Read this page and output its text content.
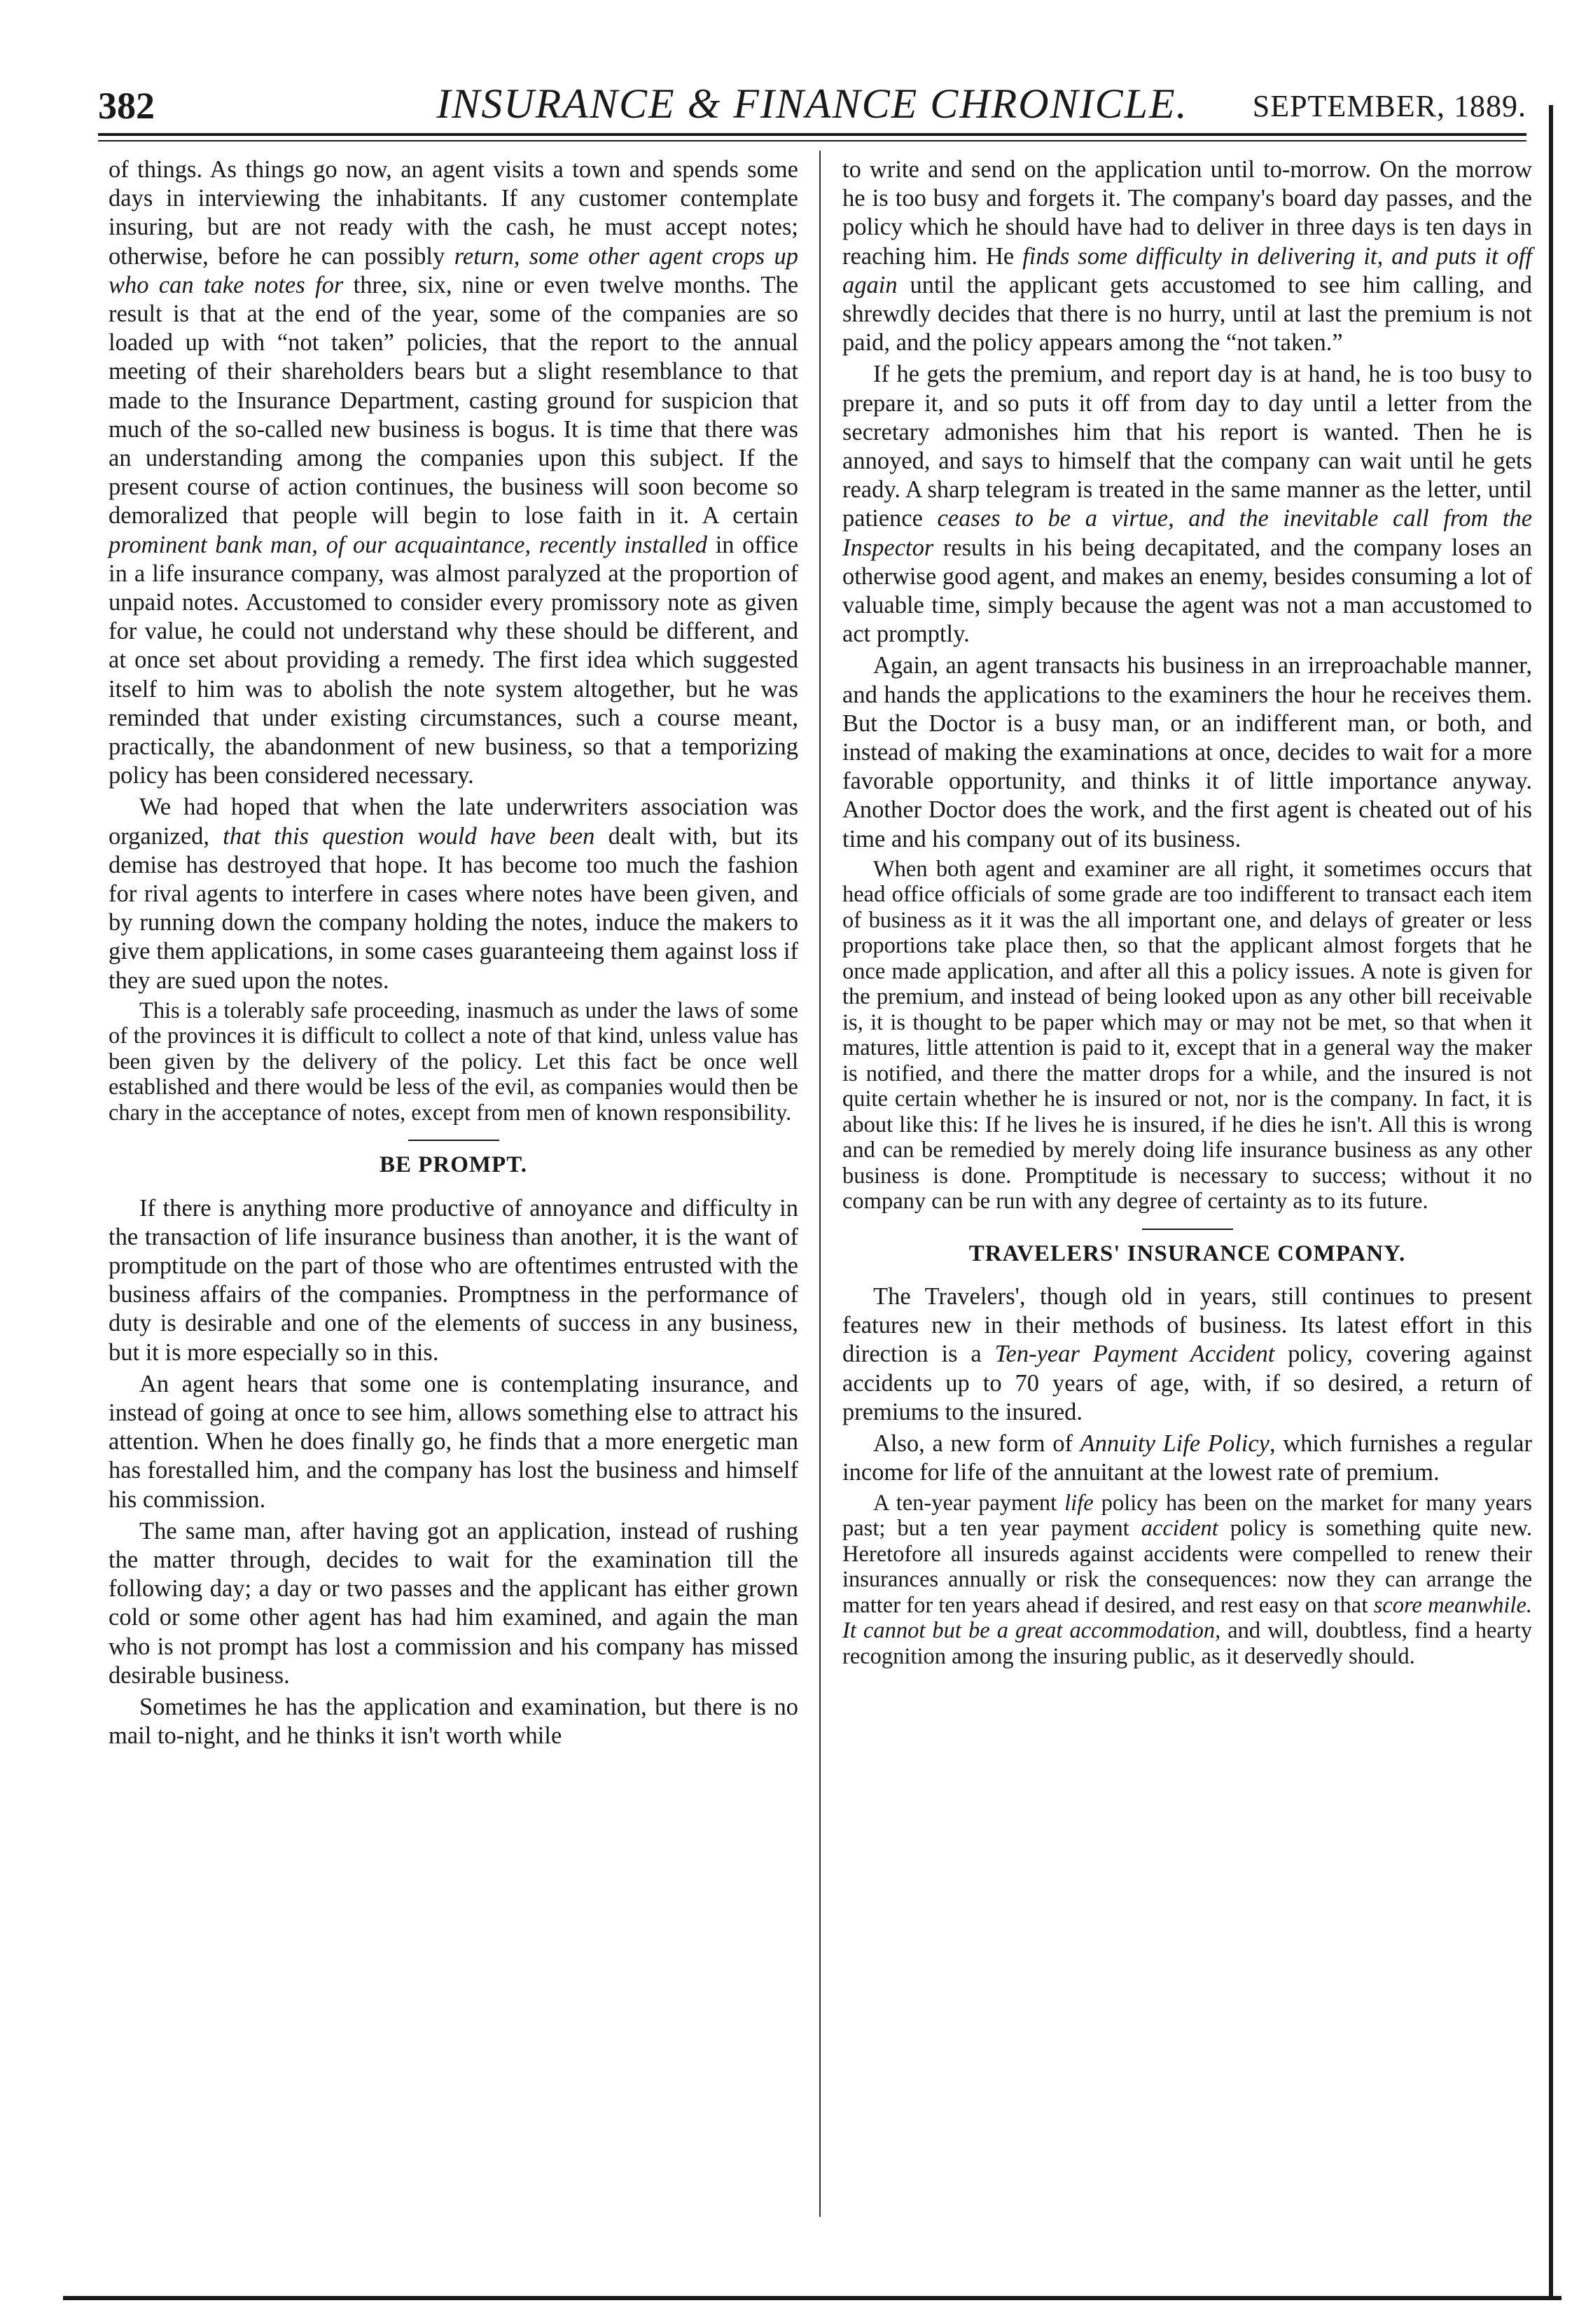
382	INSURANCE & FINANCE CHRONICLE.	SEPTEMBER, 1889.

of things. As things go now, an agent visits a town and spends some days in interviewing the inhabitants. If any customer contemplate insuring, but are not ready with the cash, he must accept notes; otherwise, before he can possibly return, some other agent crops up who can take notes for three, six, nine or even twelve months. The result is that at the end of the year, some of the companies are so loaded up with “not taken” policies, that the report to the annual meeting of their shareholders bears but a slight resemblance to that made to the Insurance Department, casting ground for suspicion that much of the so-called new business is bogus. It is time that there was an understanding among the companies upon this subject. If the present course of action continues, the business will soon become so demoralized that people will begin to lose faith in it. A certain prominent bank man, of our acquaintance, recently installed in office in a life insurance company, was almost paralyzed at the proportion of unpaid notes. Accustomed to consider every promissory note as given for value, he could not understand why these should be different, and at once set about providing a remedy. The first idea which suggested itself to him was to abolish the note system altogether, but he was reminded that under existing circumstances, such a course meant, practically, the abandonment of new business, so that a temporizing policy has been considered necessary.

We had hoped that when the late underwriters association was organized, that this question would have been dealt with, but its demise has destroyed that hope. It has become too much the fashion for rival agents to interfere in cases where notes have been given, and by running down the company holding the notes, induce the makers to give them applications, in some cases guaranteeing them against loss if they are sued upon the notes.

This is a tolerably safe proceeding, inasmuch as under the laws of some of the provinces it is difficult to collect a note of that kind, unless value has been given by the delivery of the policy. Let this fact be once well established and there would be less of the evil, as companies would then be chary in the acceptance of notes, except from men of known responsibility.

BE PROMPT.

If there is anything more productive of annoyance and difficulty in the transaction of life insurance business than another, it is the want of promptitude on the part of those who are oftentimes entrusted with the business affairs of the companies. Promptness in the performance of duty is desirable and one of the elements of success in any business, but it is more especially so in this.

An agent hears that some one is contemplating insurance, and instead of going at once to see him, allows something else to attract his attention. When he does finally go, he finds that a more energetic man has forestalled him, and the company has lost the business and himself his commission.

The same man, after having got an application, instead of rushing the matter through, decides to wait for the examination till the following day; a day or two passes and the applicant has either grown cold or some other agent has had him examined, and again the man who is not prompt has lost a commission and his company has missed desirable business.

Sometimes he has the application and examination, but there is no mail to-night, and he thinks it isn't worth while

to write and send on the application until to-morrow. On the morrow he is too busy and forgets it. The company's board day passes, and the policy which he should have had to deliver in three days is ten days in reaching him. He finds some difficulty in delivering it, and puts it off again until the applicant gets accustomed to see him calling, and shrewdly decides that there is no hurry, until at last the premium is not paid, and the policy appears among the “not taken.”

If he gets the premium, and report day is at hand, he is too busy to prepare it, and so puts it off from day to day until a letter from the secretary admonishes him that his report is wanted. Then he is annoyed, and says to himself that the company can wait until he gets ready. A sharp telegram is treated in the same manner as the letter, until patience ceases to be a virtue, and the inevitable call from the Inspector results in his being decapitated, and the company loses an otherwise good agent, and makes an enemy, besides consuming a lot of valuable time, simply because the agent was not a man accustomed to act promptly.

Again, an agent transacts his business in an irreproachable manner, and hands the applications to the examiners the hour he receives them. But the Doctor is a busy man, or an indifferent man, or both, and instead of making the examinations at once, decides to wait for a more favorable opportunity, and thinks it of little importance anyway. Another Doctor does the work, and the first agent is cheated out of his time and his company out of its business.

When both agent and examiner are all right, it sometimes occurs that head office officials of some grade are too indifferent to transact each item of business as it it was the all important one, and delays of greater or less proportions take place then, so that the applicant almost forgets that he once made application, and after all this a policy issues. A note is given for the premium, and instead of being looked upon as any other bill receivable is, it is thought to be paper which may or may not be met, so that when it matures, little attention is paid to it, except that in a general way the maker is notified, and there the matter drops for a while, and the insured is not quite certain whether he is insured or not, nor is the company. In fact, it is about like this: If he lives he is insured, if he dies he isn't. All this is wrong and can be remedied by merely doing life insurance business as any other business is done. Promptitude is necessary to success; without it no company can be run with any degree of certainty as to its future.

TRAVELERS' INSURANCE COMPANY.

The Travelers', though old in years, still continues to present features new in their methods of business. Its latest effort in this direction is a Ten-year Payment Accident policy, covering against accidents up to 70 years of age, with, if so desired, a return of premiums to the insured.

Also, a new form of Annuity Life Policy, which furnishes a regular income for life of the annuitant at the lowest rate of premium.

A ten-year payment life policy has been on the market for many years past; but a ten year payment accident policy is something quite new. Heretofore all insureds against accidents were compelled to renew their insurances annually or risk the consequences: now they can arrange the matter for ten years ahead if desired, and rest easy on that score meanwhile. It cannot but be a great accommodation, and will, doubtless, find a hearty recognition among the insuring public, as it deservedly should.
